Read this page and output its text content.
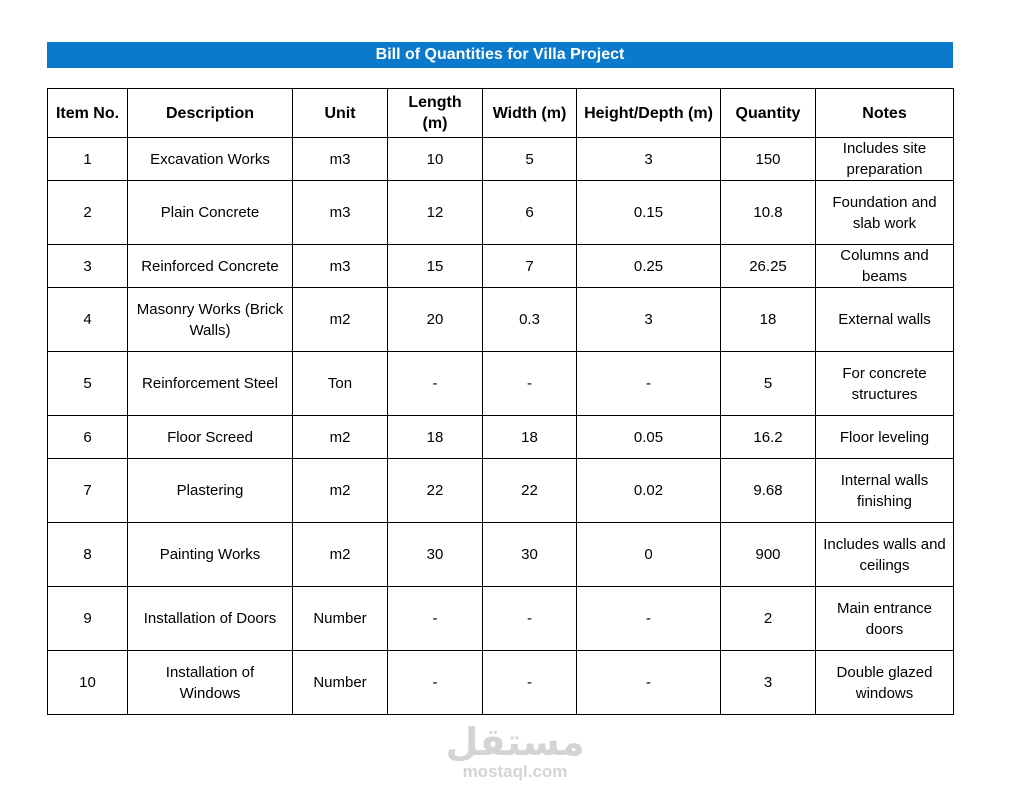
Bill of Quantities for Villa Project
Item No.	Description	Unit	Length (m)	Width (m)	Height/Depth (m)	Quantity	Notes
1	Excavation Works	m3	10	5	3	150	Includes site preparation
2	Plain Concrete	m3	12	6	0.15	10.8	Foundation and slab work
3	Reinforced Concrete	m3	15	7	0.25	26.25	Columns and beams
4	Masonry Works (Brick Walls)	m2	20	0.3	3	18	External walls
5	Reinforcement Steel	Ton	-	-	-	5	For concrete structures
6	Floor Screed	m2	18	18	0.05	16.2	Floor leveling
7	Plastering	m2	22	22	0.02	9.68	Internal walls finishing
8	Painting Works	m2	30	30	0	900	Includes walls and ceilings
9	Installation of Doors	Number	-	-	-	2	Main entrance doors
10	Installation of Windows	Number	-	-	-	3	Double glazed windows
مستقل
mostaql.com
